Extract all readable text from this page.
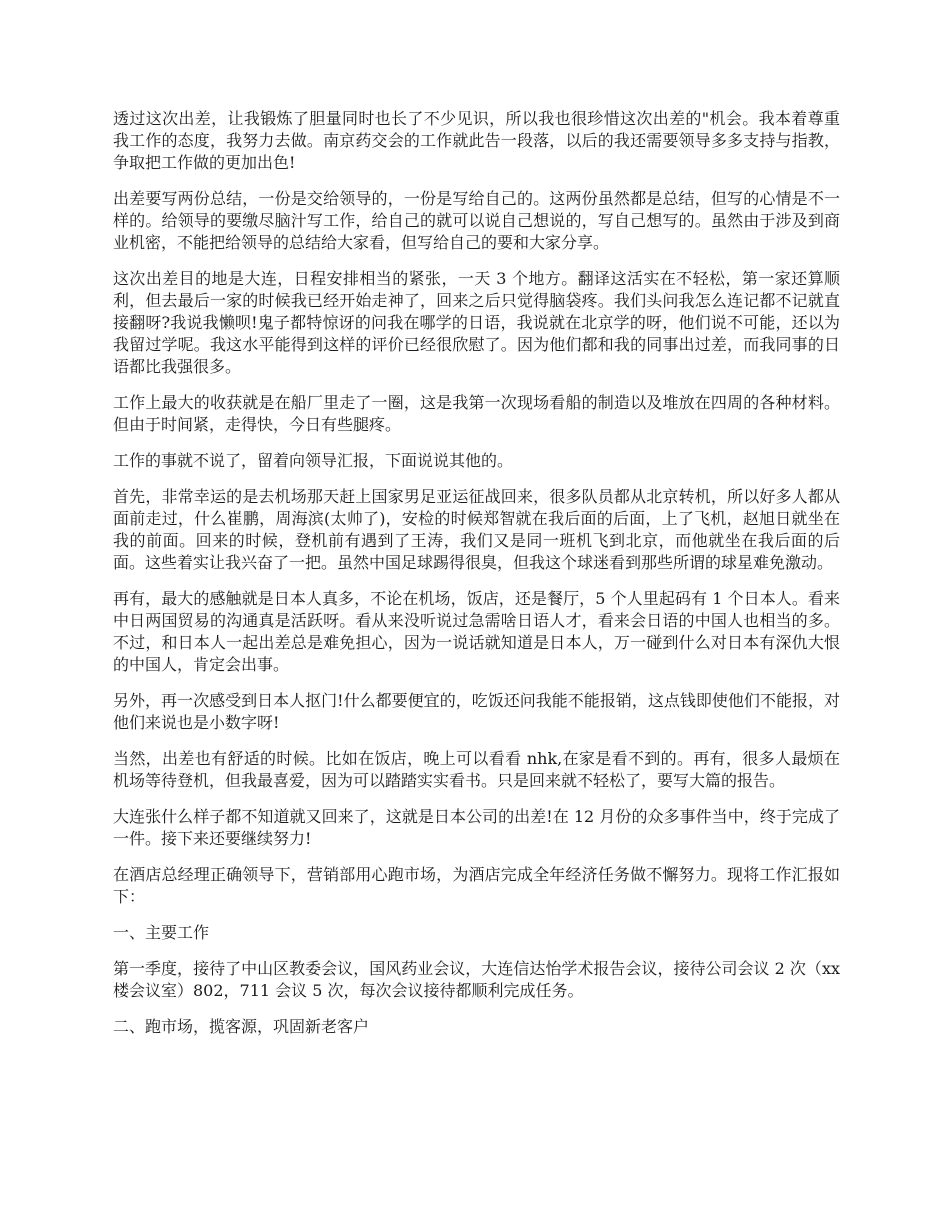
透过这次出差，让我锻炼了胆量同时也长了不少见识，所以我也很珍惜这次出差的"机会。我本着尊重我工作的态度，我努力去做。南京药交会的工作就此告一段落，以后的我还需要领导多多支持与指教，争取把工作做的更加出色!

出差要写两份总结，一份是交给领导的，一份是写给自己的。这两份虽然都是总结，但写的心情是不一样的。给领导的要缴尽脑汁写工作，给自己的就可以说自己想说的，写自己想写的。虽然由于涉及到商业机密，不能把给领导的总结给大家看，但写给自己的要和大家分享。

这次出差目的地是大连，日程安排相当的紧张，一天 3 个地方。翻译这活实在不轻松，第一家还算顺利，但去最后一家的时候我已经开始走神了，回来之后只觉得脑袋疼。我们头问我怎么连记都不记就直接翻呀?我说我懒呗!鬼子都特惊讶的问我在哪学的日语，我说就在北京学的呀，他们说不可能，还以为我留过学呢。我这水平能得到这样的评价已经很欣慰了。因为他们都和我的同事出过差，而我同事的日语都比我强很多。

工作上最大的收获就是在船厂里走了一圈，这是我第一次现场看船的制造以及堆放在四周的各种材料。但由于时间紧，走得快，今日有些腿疼。

工作的事就不说了，留着向领导汇报，下面说说其他的。

首先，非常幸运的是去机场那天赶上国家男足亚运征战回来，很多队员都从北京转机，所以好多人都从面前走过，什么崔鹏，周海滨(太帅了)，安检的时候郑智就在我后面的后面，上了飞机，赵旭日就坐在我的前面。回来的时候，登机前有遇到了王涛，我们又是同一班机飞到北京，而他就坐在我后面的后面。这些着实让我兴奋了一把。虽然中国足球踢得很臭，但我这个球迷看到那些所谓的球星难免激动。

再有，最大的感触就是日本人真多，不论在机场，饭店，还是餐厅，5 个人里起码有 1 个日本人。看来中日两国贸易的沟通真是活跃呀。看从来没听说过急需啥日语人才，看来会日语的中国人也相当的多。不过，和日本人一起出差总是难免担心，因为一说话就知道是日本人，万一碰到什么对日本有深仇大恨的中国人，肯定会出事。

另外，再一次感受到日本人抠门!什么都要便宜的，吃饭还问我能不能报销，这点钱即使他们不能报，对他们来说也是小数字呀!

当然，出差也有舒适的时候。比如在饭店，晚上可以看看 nhk,在家是看不到的。再有，很多人最烦在机场等待登机，但我最喜爱，因为可以踏踏实实看书。只是回来就不轻松了，要写大篇的报告。

大连张什么样子都不知道就又回来了，这就是日本公司的出差!在 12 月份的众多事件当中，终于完成了一件。接下来还要继续努力!

在酒店总经理正确领导下，营销部用心跑市场，为酒店完成全年经济任务做不懈努力。现将工作汇报如下：

一、主要工作

第一季度，接待了中山区教委会议，国风药业会议，大连信达怡学术报告会议，接待公司会议 2 次（xx 楼会议室）802，711 会议 5 次，每次会议接待都顺利完成任务。

二、跑市场，揽客源，巩固新老客户
